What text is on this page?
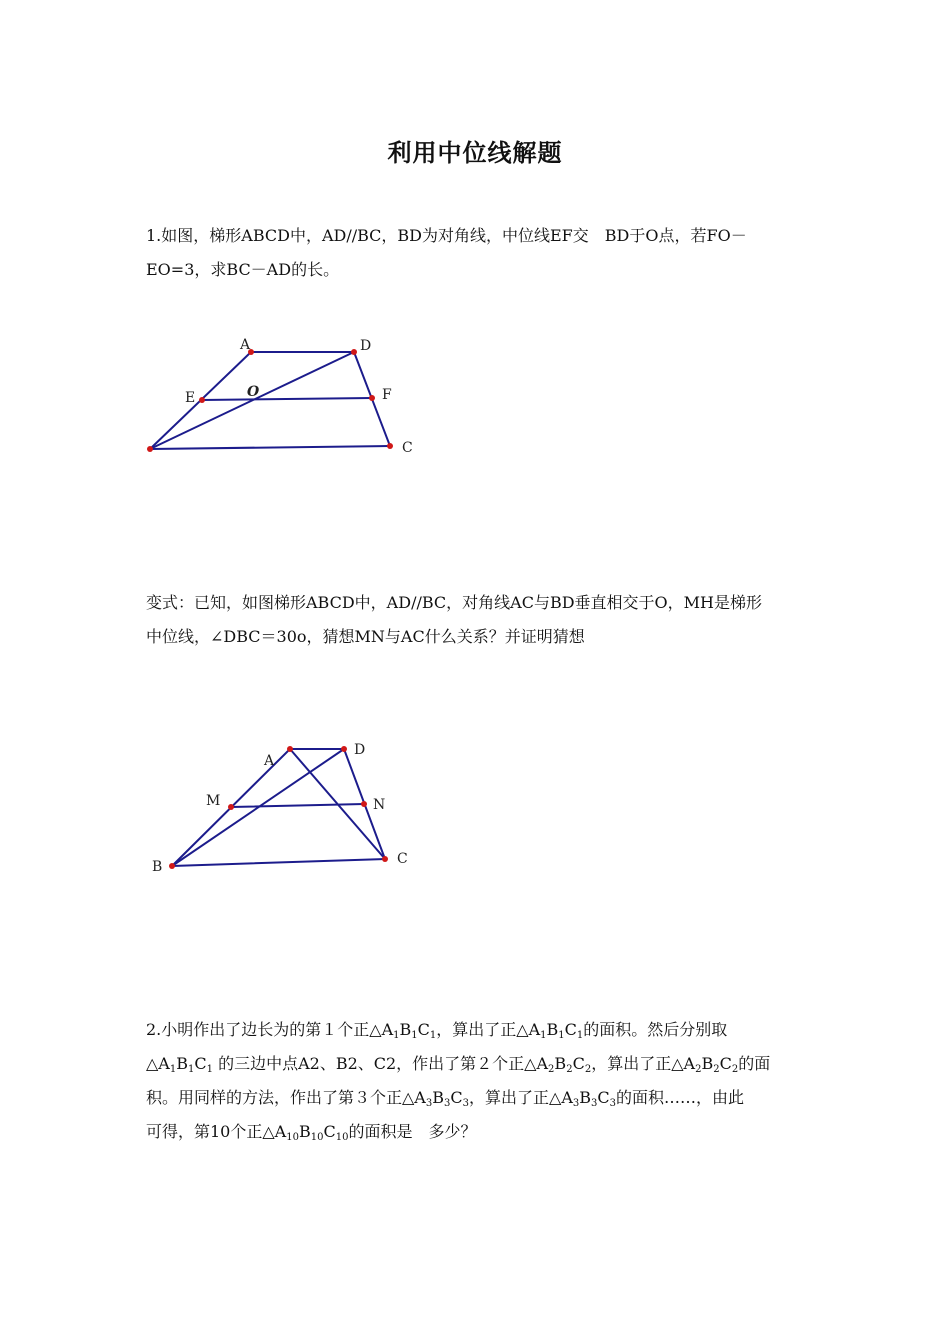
利用中位线解题

1.如图，梯形ABCD中，AD//BC，BD为对角线，中位线EF交　BD于O点，若FO－
EO=3，求BC－AD的长。

A	D
E	O	F
C
A
D
M	N
B	C

变式：已知，如图梯形ABCD中，AD//BC，对角线AC与BD垂直相交于O，MH是梯形
中位线，∠DBC＝30o，猜想MN与AC什么关系？并证明猜想

2.小明作出了边长为的第１个正$\triangle A_1B_1C_1$，算出了正$\triangle A_1B_1C_1$的面积。然后分别取
$\triangle A_1B_1C_1$ 的三边中点A2、B2、C2，作出了第２个正$\triangle A_2B_2C_2$，算出了正$\triangle A_2B_2C_2$的面
积。用同样的方法，作出了第３个正$\triangle A_3B_3C_3$，算出了正$\triangle A_3B_3C_3$的面积……，由此
可得，第10个正$\triangle A_{10}B_{10}C_{10}$的面积是　多少？
